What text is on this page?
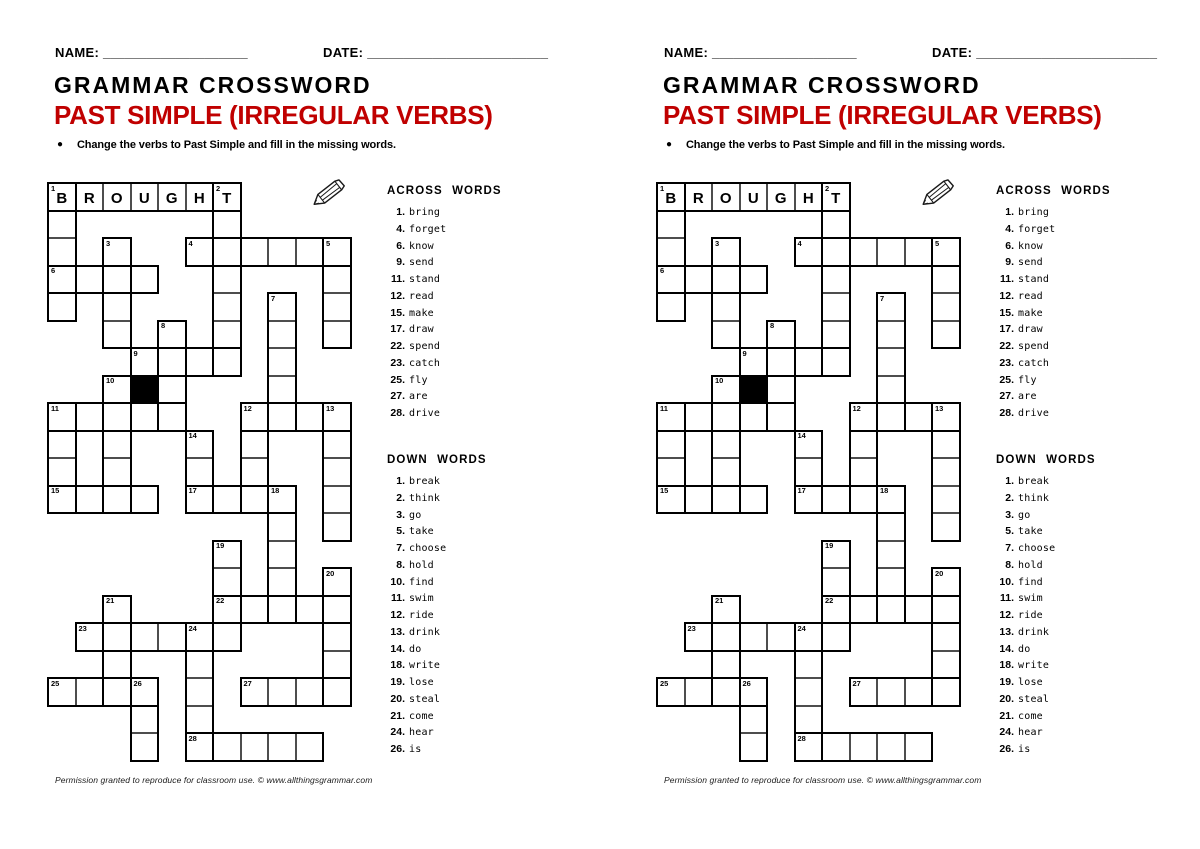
NAME: ____________________	DATE: _________________________
GRAMMAR CROSSWORD
PAST SIMPLE (IRREGULAR VERBS)
● Change the verbs to Past Simple and fill in the missing words.
1
B	R	O	U	G	H
2
T
4	5
6
9
11	12	13
15	17	18
22
23	24
25	26	27
28
3
7
8
10
14
19
20
21
ACROSS WORDS
1. bring
4. forget
6. know
9. send
11. stand
12. read
15. make
17. draw
22. spend
23. catch
25. fly
27. are
28. drive
DOWN WORDS
1. break
2. think
3. go
5. take
7. choose
8. hold
10. find
11. swim
12. ride
13. drink
14. do
18. write
19. lose
20. steal
21. come
24. hear
26. is
Permission granted to reproduce for classroom use. © www.allthingsgrammar.com
NAME: ____________________	DATE: _________________________
GRAMMAR CROSSWORD
PAST SIMPLE (IRREGULAR VERBS)
● Change the verbs to Past Simple and fill in the missing words.
1
B	R	O	U	G	H
2
T
4	5
6
9
11	12	13
15	17	18
22
23	24
25	26	27
28
3
7
8
10
14
19
20
21
ACROSS WORDS
1. bring
4. forget
6. know
9. send
11. stand
12. read
15. make
17. draw
22. spend
23. catch
25. fly
27. are
28. drive
DOWN WORDS
1. break
2. think
3. go
5. take
7. choose
8. hold
10. find
11. swim
12. ride
13. drink
14. do
18. write
19. lose
20. steal
21. come
24. hear
26. is
Permission granted to reproduce for classroom use. © www.allthingsgrammar.com
